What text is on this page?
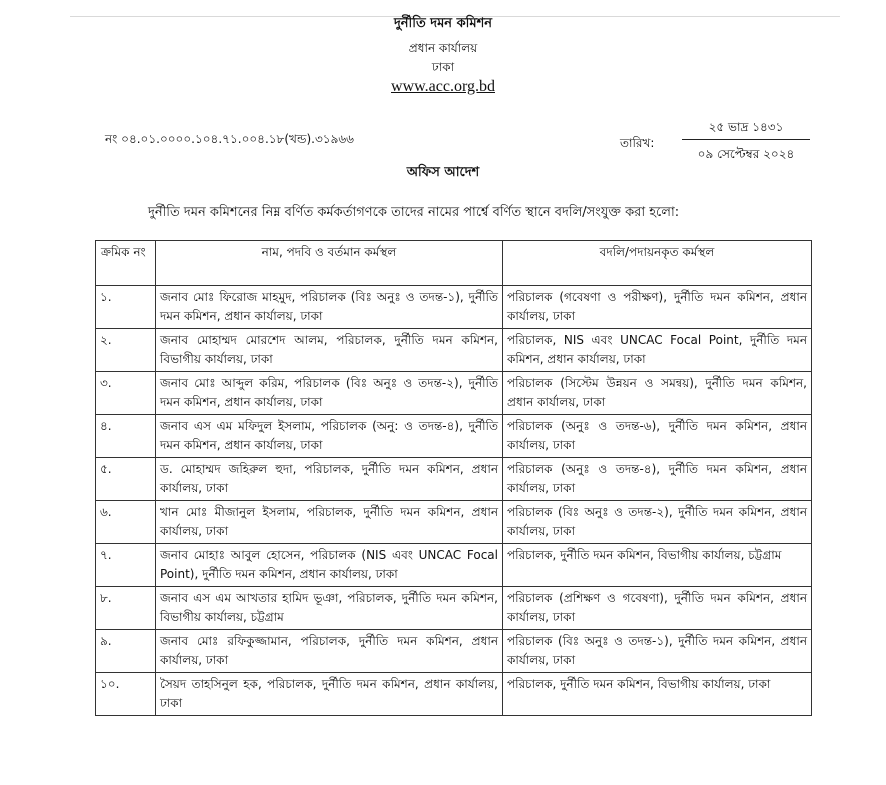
দুর্নীতি দমন কমিশন
প্রধান কার্যালয়
ঢাকা
www.acc.org.bd
নং ০৪.০১.০০০০.১০৪.৭১.০০৪.১৮(খন্ড).৩১৯৬৬	তারিখ:
২৫ ভাদ্র ১৪৩১
০৯ সেপ্টেম্বর ২০২৪
অফিস আদেশ
দুর্নীতি দমন কমিশনের নিম্ন বর্ণিত কর্মকর্তাগণকে তাদের নামের পার্শ্বে বর্ণিত স্থানে বদলি/সংযুক্ত করা হলো:
ক্রমিক নং	নাম, পদবি ও বর্তমান কর্মস্থল	বদলি/পদায়নকৃত কর্মস্থল
১.	জনাব মোঃ ফিরোজ মাহমুদ, পরিচালক (বিঃ অনুঃ ও তদন্ত-১), দুর্নীতি দমন কমিশন, প্রধান কার্যালয়, ঢাকা	পরিচালক (গবেষণা ও পরীক্ষণ), দুর্নীতি দমন কমিশন, প্রধান কার্যালয়, ঢাকা
২.	জনাব মোহাম্মদ মোরশেদ আলম, পরিচালক, দুর্নীতি দমন কমিশন, বিভাগীয় কার্যালয়, ঢাকা	পরিচালক, NIS এবং UNCAC Focal Point, দুর্নীতি দমন কমিশন, প্রধান কার্যালয়, ঢাকা
৩.	জনাব মোঃ আব্দুল করিম, পরিচালক (বিঃ অনুঃ ও তদন্ত-২), দুর্নীতি দমন কমিশন, প্রধান কার্যালয়, ঢাকা	পরিচালক (সিস্টেম উন্নয়ন ও সমন্বয়), দুর্নীতি দমন কমিশন, প্রধান কার্যালয়, ঢাকা
৪.	জনাব এস এম মফিদুল ইসলাম, পরিচালক (অনু: ও তদন্ত-৪), দুর্নীতি দমন কমিশন, প্রধান কার্যালয়, ঢাকা	পরিচালক (অনুঃ ও তদন্ত-৬), দুর্নীতি দমন কমিশন, প্রধান কার্যালয়, ঢাকা
৫.	ড. মোহাম্মদ জহিরুল হুদা, পরিচালক, দুর্নীতি দমন কমিশন, প্রধান কার্যালয়, ঢাকা	পরিচালক (অনুঃ ও তদন্ত-৪), দুর্নীতি দমন কমিশন, প্রধান কার্যালয়, ঢাকা
৬.	খান মোঃ মীজানুল ইসলাম, পরিচালক, দুর্নীতি দমন কমিশন, প্রধান কার্যালয়, ঢাকা	পরিচালক (বিঃ অনুঃ ও তদন্ত-২), দুর্নীতি দমন কমিশন, প্রধান কার্যালয়, ঢাকা
৭.	জনাব মোহাঃ আবুল হোসেন, পরিচালক (NIS এবং UNCAC Focal Point), দুর্নীতি দমন কমিশন, প্রধান কার্যালয়, ঢাকা	পরিচালক, দুর্নীতি দমন কমিশন, বিভাগীয় কার্যালয়, চট্টগ্রাম
৮.	জনাব এস এম আখতার হামিদ ভূঞা, পরিচালক, দুর্নীতি দমন কমিশন, বিভাগীয় কার্যালয়, চট্টগ্রাম	পরিচালক (প্রশিক্ষণ ও গবেষণা), দুর্নীতি দমন কমিশন, প্রধান কার্যালয়, ঢাকা
৯.	জনাব মোঃ রফিকুজ্জামান, পরিচালক, দুর্নীতি দমন কমিশন, প্রধান কার্যালয়, ঢাকা	পরিচালক (বিঃ অনুঃ ও তদন্ত-১), দুর্নীতি দমন কমিশন, প্রধান কার্যালয়, ঢাকা
১০.	সৈয়দ তাহসিনুল হক, পরিচালক, দুর্নীতি দমন কমিশন, প্রধান কার্যালয়, ঢাকা	পরিচালক, দুর্নীতি দমন কমিশন, বিভাগীয় কার্যালয়, ঢাকা
